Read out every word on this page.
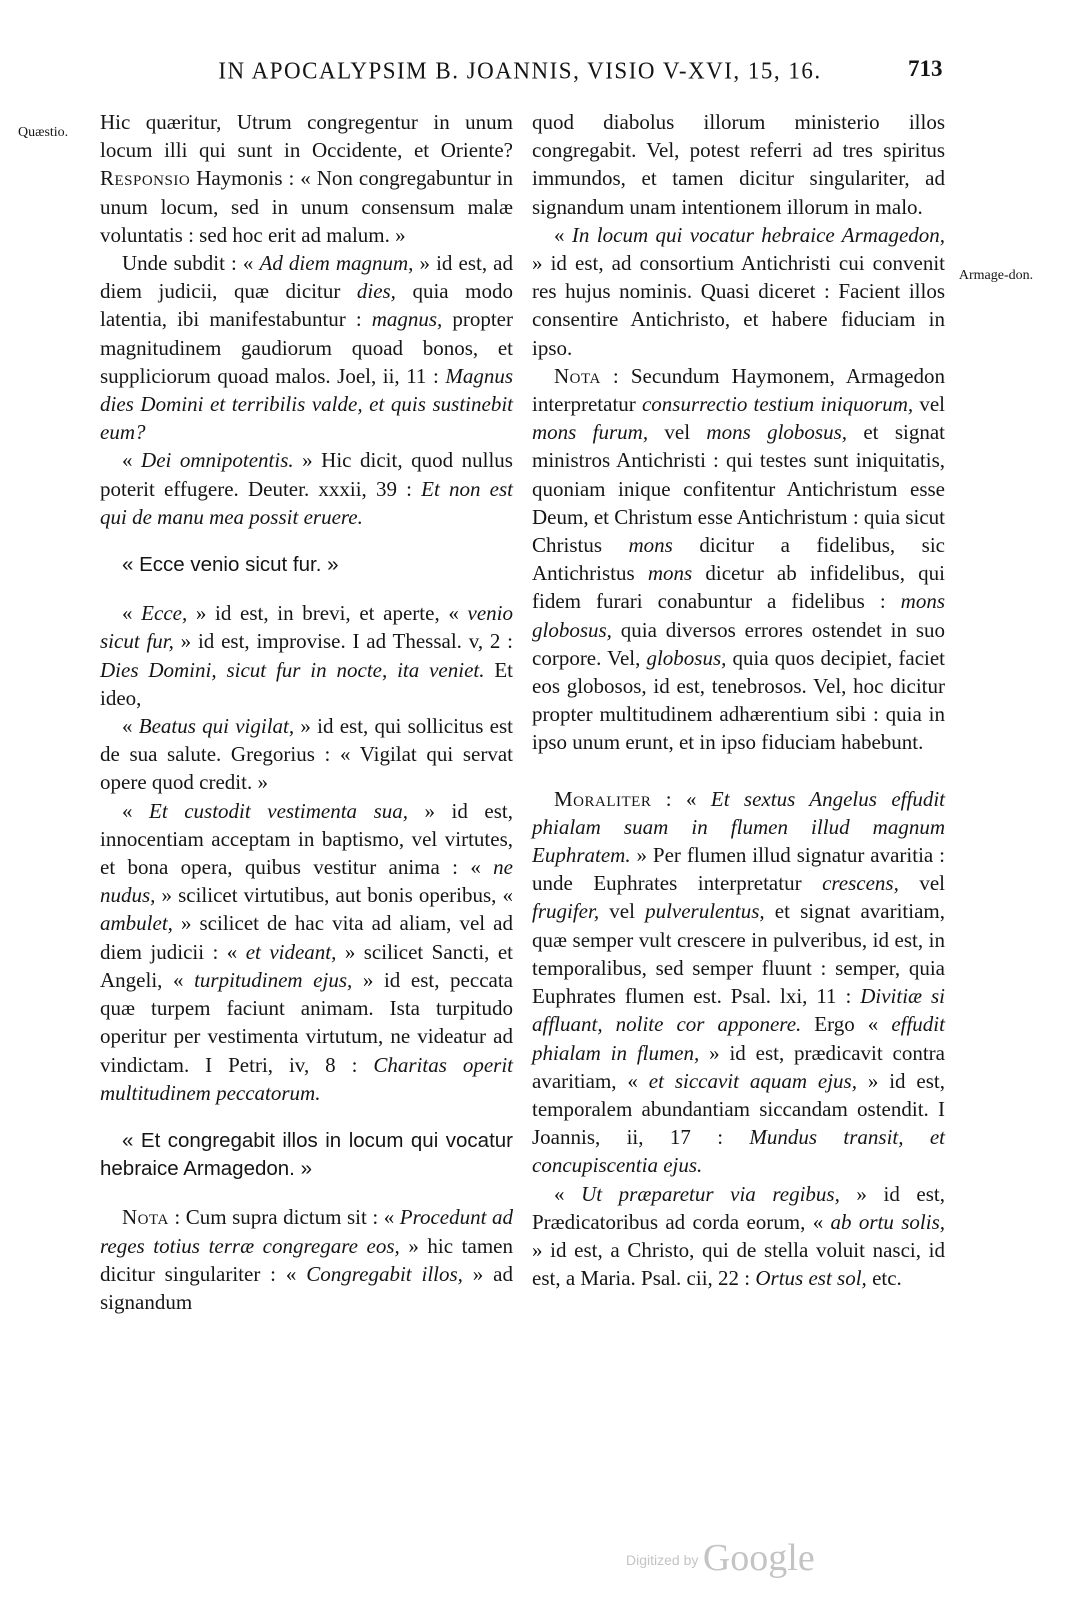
IN APOCALYPSIM B. JOANNIS, VISIO V-XVI, 15, 16.	713
Quæstio.
Armage-don.

Hic quæritur, Utrum congregentur in unum locum illi qui sunt in Occidente, et Oriente?Responsio Haymonis : « Non congregabuntur in unum locum, sed in unum consensum malæ voluntatis : sed hoc erit ad malum. »

Unde subdit : « Ad diem magnum, » id est, ad diem judicii, quæ dicitur dies, quia modo latentia, ibi manifestabuntur : magnus, propter magnitudinem gaudiorum quoad bonos, et suppliciorum quoad malos. Joel, ii, 11 : Magnus dies Domini et terribilis valde, et quis sustinebit eum?

« Dei omnipotentis. » Hic dicit, quod nullus poterit effugere. Deuter. xxxii, 39 : Et non est qui de manu mea possit eruere.

« Ecce venio sicut fur. »

« Ecce, » id est, in brevi, et aperte, « venio sicut fur, » id est, improvise. I ad Thessal. v, 2 : Dies Domini, sicut fur in nocte, ita veniet. Et ideo,

« Beatus qui vigilat, » id est, qui sollicitus est de sua salute. Gregorius : « Vigilat qui servat opere quod credit. »

« Et custodit vestimenta sua, » id est, innocentiam acceptam in baptismo, vel virtutes, et bona opera, quibus vestitur anima : « ne nudus, » scilicet virtutibus, aut bonis operibus, « ambulet, » scilicet de hac vita ad aliam, vel ad diem judicii : « et videant, » scilicet Sancti, et Angeli, « turpitudinem ejus, » id est, peccata quæ turpem faciunt animam. Ista turpitudo operitur per vestimenta virtutum, ne videatur ad vindictam. I Petri, iv, 8 : Charitas operit multitudinem peccatorum.

« Et congregabit illos in locum qui vocatur hebraice Armagedon. »

Nota : Cum supra dictum sit : « Procedunt ad reges totius terræ congregare eos, » hic tamen dicitur singulariter : « Congregabit illos, » ad signandum

quod diabolus illorum ministerio illos congregabit. Vel, potest referri ad tres spiritus immundos, et tamen dicitur singulariter, ad signandum unam intentionem illorum in malo.

« In locum qui vocatur hebraice Armagedon, » id est, ad consortium Antichristi cui convenit res hujus nominis. Quasi diceret : Facient illos consentire Antichristo, et habere fiduciam in ipso.

Nota : Secundum Haymonem, Armagedon interpretatur consurrectio testium iniquorum, vel mons furum, vel mons globosus, et signat ministros Antichristi : qui testes sunt iniquitatis, quoniam inique confitentur Antichristum esse Deum, et Christum esse Antichristum : quia sicut Christus mons dicitur a fidelibus, sic Antichristus mons dicetur ab infidelibus, qui fidem furari conabuntur a fidelibus : mons globosus, quia diversos errores ostendet in suo corpore. Vel, globosus, quia quos decipiet, faciet eos globosos, id est, tenebrosos. Vel, hoc dicitur propter multitudinem adhærentium sibi : quia in ipso unum erunt, et in ipso fiduciam habebunt.

Moraliter : « Et sextus Angelus effudit phialam suam in flumen illud magnum Euphratem. » Per flumen illud signatur avaritia : unde Euphrates interpretatur crescens, vel frugifer, vel pulverulentus, et signat avaritiam, quæ semper vult crescere in pulveribus, id est, in temporalibus, sed semper fluunt : semper, quia Euphrates flumen est. Psal. lxi, 11 : Divitiæ si affluant, nolite cor apponere. Ergo « effudit phialam in flumen, » id est, prædicavit contra avaritiam, « et siccavit aquam ejus, » id est, temporalem abundantiam siccandam ostendit. I Joannis, ii, 17 : Mundus transit, et concupiscentia ejus.

« Ut præparetur via regibus, » id est, Prædicatoribus ad corda eorum, « ab ortu solis, » id est, a Christo, qui de stella voluit nasci, id est, a Maria. Psal. cii, 22 : Ortus est sol, etc.

Digitized by Google
